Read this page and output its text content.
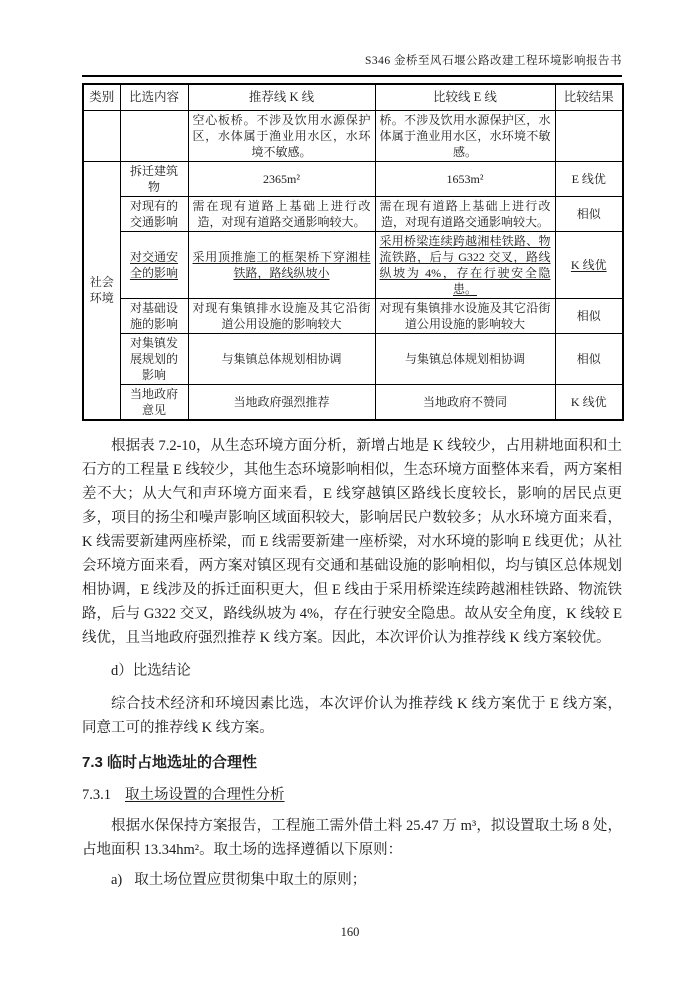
S346 金桥至风石堰公路改建工程环境影响报告书
类别	比选内容	推荐线 K 线	比较线 E 线	比较结果
		空心板桥。不涉及饮用水源保护区，水体属于渔业用水区，水环境不敏感。	桥。不涉及饮用水源保护区，水体属于渔业用水区，水环境不敏感。	
社会环境	拆迁建筑物	2365m²	1653m²	E 线优
	对现有的交通影响	需在现有道路上基础上进行改造，对现有道路交通影响较大。	需在现有道路上基础上进行改造，对现有道路交通影响较大。	相似
	对交通安全的影响	采用顶推施工的框架桥下穿湘桂铁路，路线纵坡小	采用桥梁连续跨越湘桂铁路、物流铁路，后与 G322 交叉，路线纵坡为 4%，存在行驶安全隐患。	K 线优
	对基础设施的影响	对现有集镇排水设施及其它沿街道公用设施的影响较大	对现有集镇排水设施及其它沿街道公用设施的影响较大	相似
	对集镇发展规划的影响	与集镇总体规划相协调	与集镇总体规划相协调	相似
	当地政府意见	当地政府强烈推荐	当地政府不赞同	K 线优

根据表 7.2-10，从生态环境方面分析，新增占地是 K 线较少，占用耕地面积和土石方的工程量 E 线较少，其他生态环境影响相似，生态环境方面整体来看，两方案相差不大；从大气和声环境方面来看，E 线穿越镇区路线长度较长，影响的居民点更多，项目的扬尘和噪声影响区域面积较大，影响居民户数较多；从水环境方面来看，K 线需要新建两座桥梁，而 E 线需要新建一座桥梁，对水环境的影响 E 线更优；从社会环境方面来看，两方案对镇区现有交通和基础设施的影响相似，均与镇区总体规划相协调，E 线涉及的拆迁面积更大，但 E 线由于采用桥梁连续跨越湘桂铁路、物流铁路，后与 G322 交叉，路线纵坡为 4%，存在行驶安全隐患。故从安全角度，K 线较 E 线优，且当地政府强烈推荐 K 线方案。因此，本次评价认为推荐线 K 线方案较优。

d）比选结论

综合技术经济和环境因素比选，本次评价认为推荐线 K 线方案优于 E 线方案，同意工可的推荐线 K 线方案。

7.3 临时占地选址的合理性

7.3.1 取土场设置的合理性分析

根据水保保持方案报告，工程施工需外借土料 25.47 万 m³，拟设置取土场 8 处，占地面积 13.34hm²。取土场的选择遵循以下原则：

a) 取土场位置应贯彻集中取土的原则；

160
